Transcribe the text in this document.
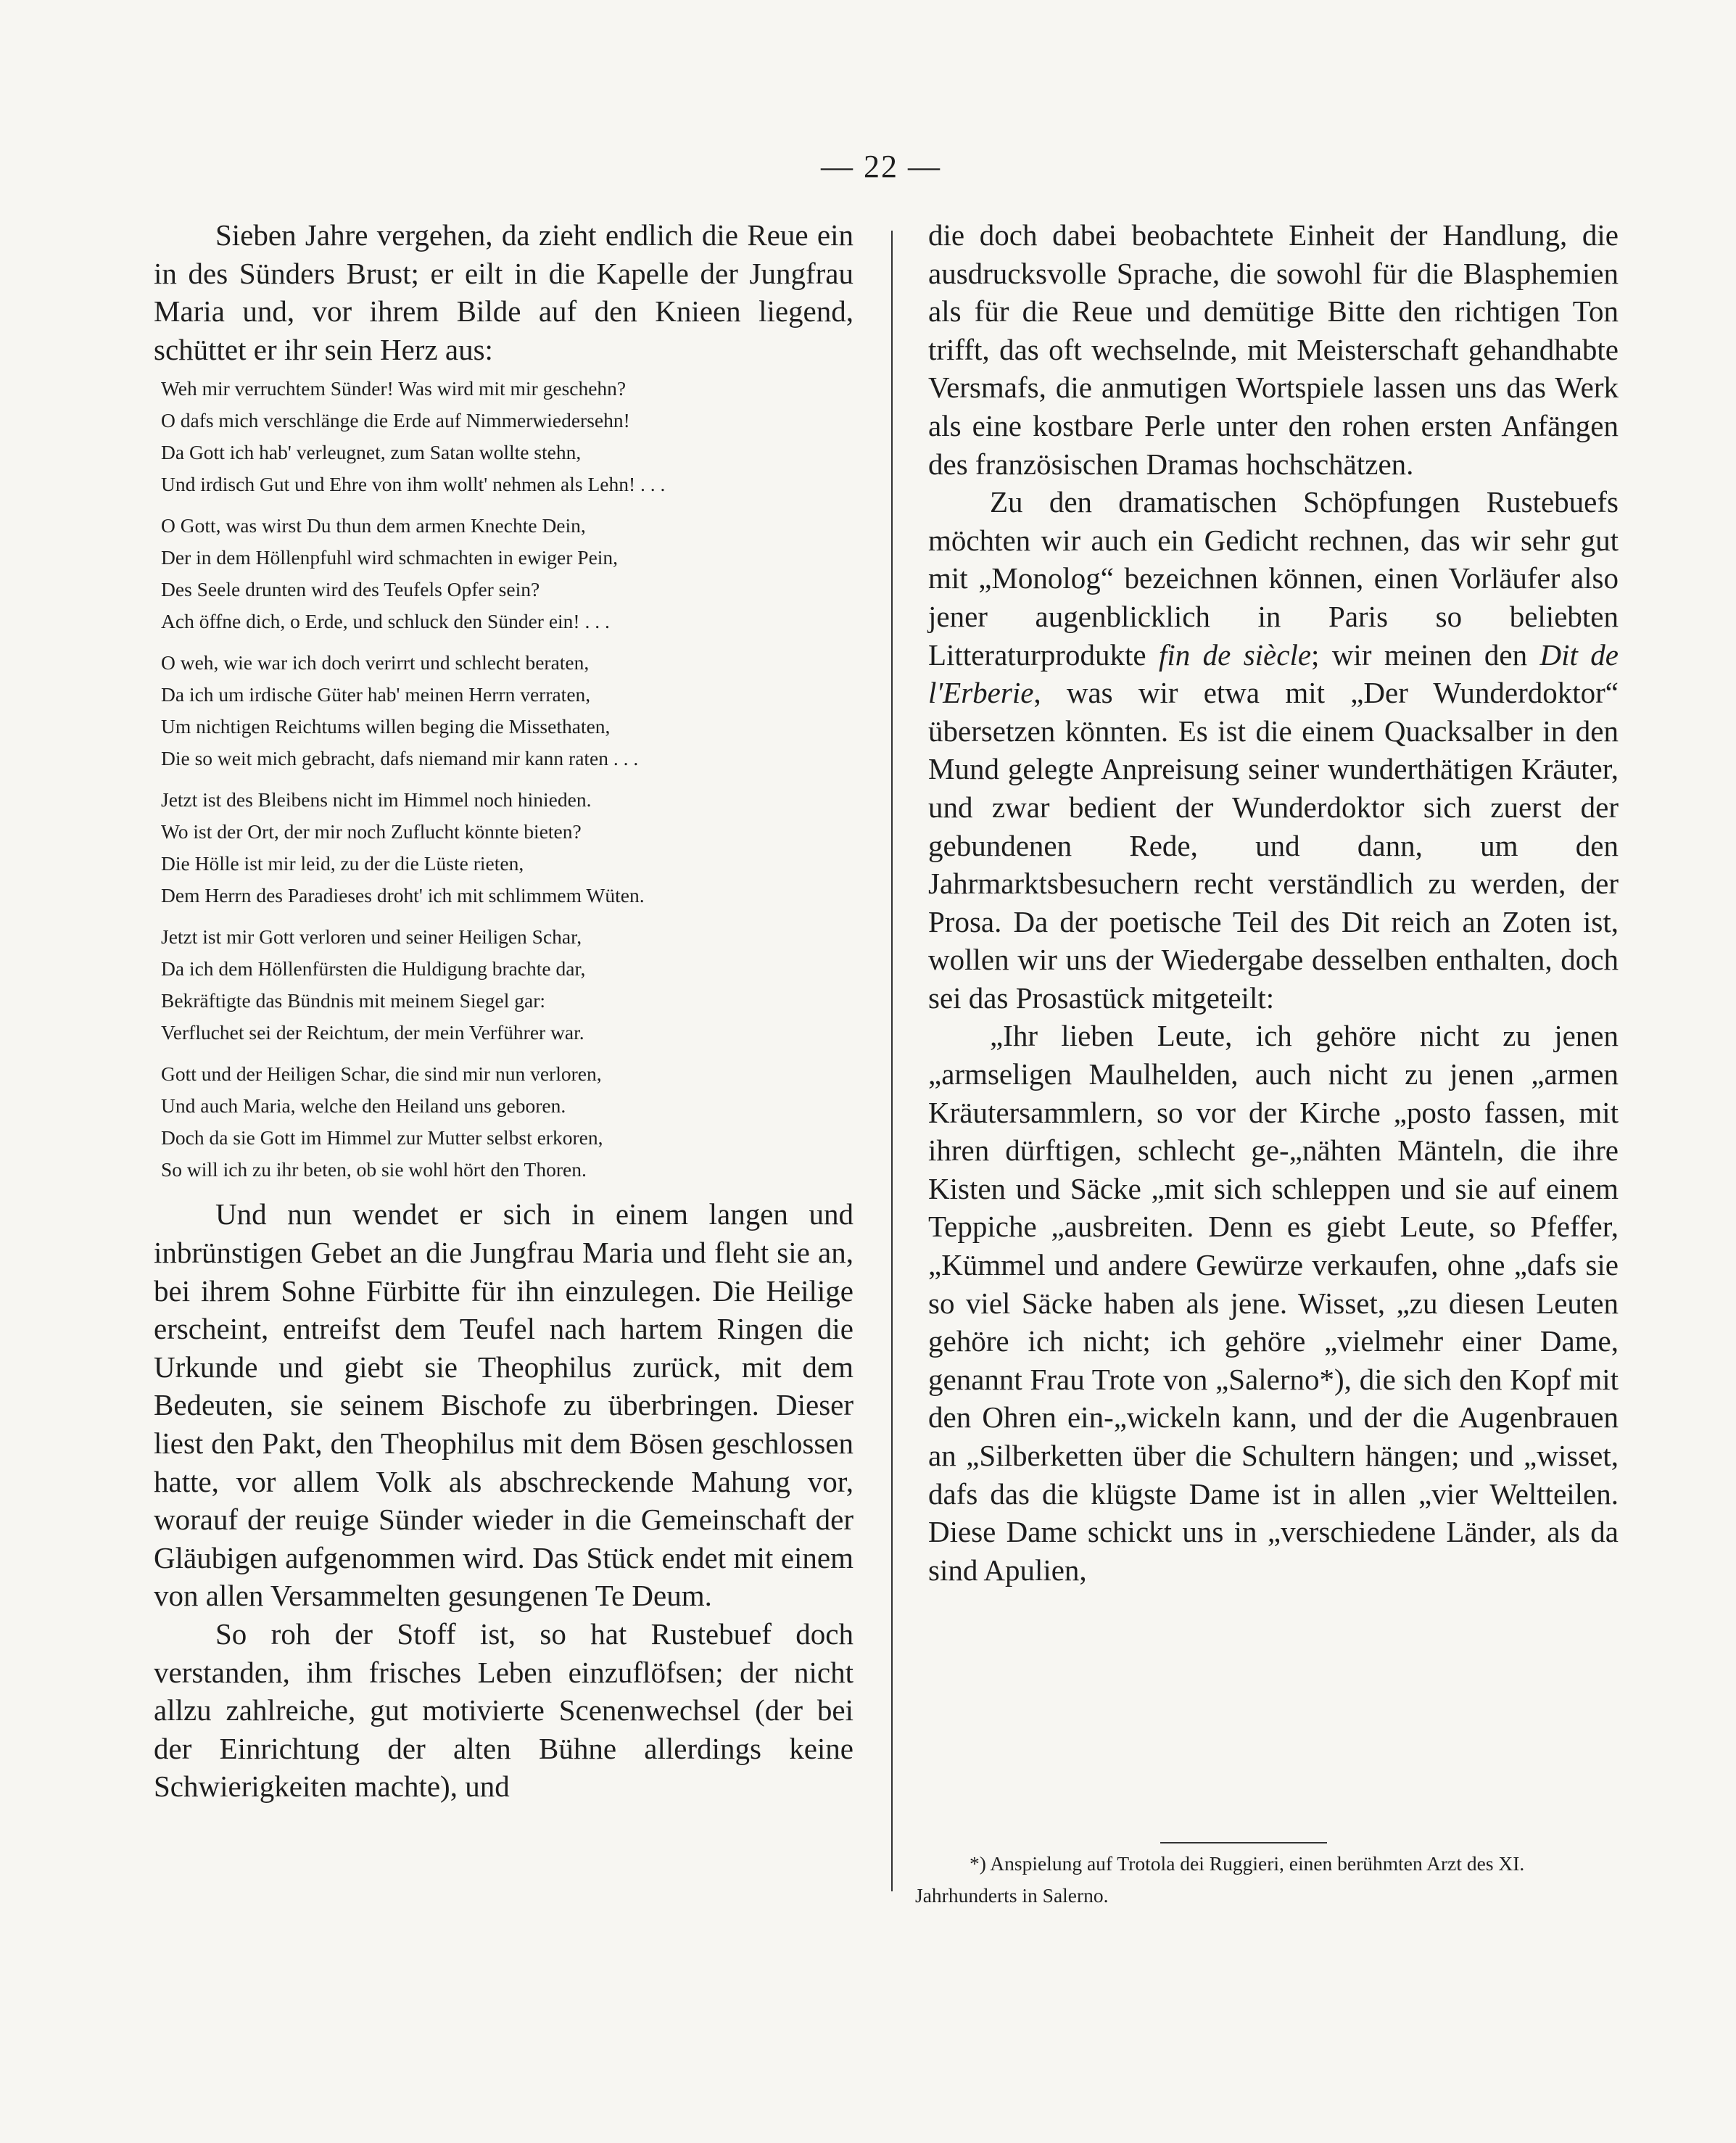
— 22 —

Sieben Jahre vergehen, da zieht endlich die Reue ein in des Sünders Brust; er eilt in die Kapelle der Jungfrau Maria und, vor ihrem Bilde auf den Knieen liegend, schüttet er ihr sein Herz aus:

Weh mir verruchtem Sünder! Was wird mit mir geschehn?

O dafs mich verschlänge die Erde auf Nimmerwiedersehn!

Da Gott ich hab' verleugnet, zum Satan wollte stehn,

Und irdisch Gut und Ehre von ihm wollt' nehmen als Lehn! . . .

O Gott, was wirst Du thun dem armen Knechte Dein,

Der in dem Höllenpfuhl wird schmachten in ewiger Pein,

Des Seele drunten wird des Teufels Opfer sein?

Ach öffne dich, o Erde, und schluck den Sünder ein! . . .

O weh, wie war ich doch verirrt und schlecht beraten,

Da ich um irdische Güter hab' meinen Herrn verraten,

Um nichtigen Reichtums willen beging die Missethaten,

Die so weit mich gebracht, dafs niemand mir kann raten . . .

Jetzt ist des Bleibens nicht im Himmel noch hinieden.

Wo ist der Ort, der mir noch Zuflucht könnte bieten?

Die Hölle ist mir leid, zu der die Lüste rieten,

Dem Herrn des Paradieses droht' ich mit schlimmem Wüten.

Jetzt ist mir Gott verloren und seiner Heiligen Schar,

Da ich dem Höllenfürsten die Huldigung brachte dar,

Bekräftigte das Bündnis mit meinem Siegel gar:

Verfluchet sei der Reichtum, der mein Verführer war.

Gott und der Heiligen Schar, die sind mir nun verloren,

Und auch Maria, welche den Heiland uns geboren.

Doch da sie Gott im Himmel zur Mutter selbst erkoren,

So will ich zu ihr beten, ob sie wohl hört den Thoren.

Und nun wendet er sich in einem langen und inbrünstigen Gebet an die Jungfrau Maria und fleht sie an, bei ihrem Sohne Fürbitte für ihn einzulegen. Die Heilige erscheint, entreifst dem Teufel nach hartem Ringen die Urkunde und giebt sie Theophilus zurück, mit dem Bedeuten, sie seinem Bischofe zu überbringen. Dieser liest den Pakt, den Theophilus mit dem Bösen geschlossen hatte, vor allem Volk als abschreckende Mahung vor, worauf der reuige Sünder wieder in die Gemeinschaft der Gläubigen aufgenommen wird. Das Stück endet mit einem von allen Versammelten gesungenen Te Deum.

So roh der Stoff ist, so hat Rustebuef doch verstanden, ihm frisches Leben einzuflöfsen; der nicht allzu zahlreiche, gut motivierte Scenenwechsel (der bei der Einrichtung der alten Bühne allerdings keine Schwierigkeiten machte), und

die doch dabei beobachtete Einheit der Handlung, die ausdrucksvolle Sprache, die sowohl für die Blasphemien als für die Reue und demütige Bitte den richtigen Ton trifft, das oft wechselnde, mit Meisterschaft gehandhabte Versmafs, die anmutigen Wortspiele lassen uns das Werk als eine kostbare Perle unter den rohen ersten Anfängen des französischen Dramas hochschätzen.

Zu den dramatischen Schöpfungen Rustebuefs möchten wir auch ein Gedicht rechnen, das wir sehr gut mit „Monolog“ bezeichnen können, einen Vorläufer also jener augenblicklich in Paris so beliebten Litteraturprodukte fin de siècle; wir meinen den Dit de l'Erberie, was wir etwa mit „Der Wunderdoktor“ übersetzen könnten. Es ist die einem Quacksalber in den Mund gelegte Anpreisung seiner wunderthätigen Kräuter, und zwar bedient der Wunderdoktor sich zuerst der gebundenen Rede, und dann, um den Jahrmarktsbesuchern recht verständlich zu werden, der Prosa. Da der poetische Teil des Dit reich an Zoten ist, wollen wir uns der Wiedergabe desselben enthalten, doch sei das Prosastück mitgeteilt:

„Ihr lieben Leute, ich gehöre nicht zu jenen „armseligen Maulhelden, auch nicht zu jenen „armen Kräutersammlern, so vor der Kirche „posto fassen, mit ihren dürftigen, schlecht ge-„nähten Mänteln, die ihre Kisten und Säcke „mit sich schleppen und sie auf einem Teppiche „ausbreiten. Denn es giebt Leute, so Pfeffer, „Kümmel und andere Gewürze verkaufen, ohne „dafs sie so viel Säcke haben als jene. Wisset, „zu diesen Leuten gehöre ich nicht; ich gehöre „vielmehr einer Dame, genannt Frau Trote von „Salerno*), die sich den Kopf mit den Ohren ein-„wickeln kann, und der die Augenbrauen an „Silberketten über die Schultern hängen; und „wisset, dafs das die klügste Dame ist in allen „vier Weltteilen. Diese Dame schickt uns in „verschiedene Länder, als da sind Apulien,

*) Anspielung auf Trotola dei Ruggieri, einen berühmten Arzt des XI. Jahrhunderts in Salerno.
